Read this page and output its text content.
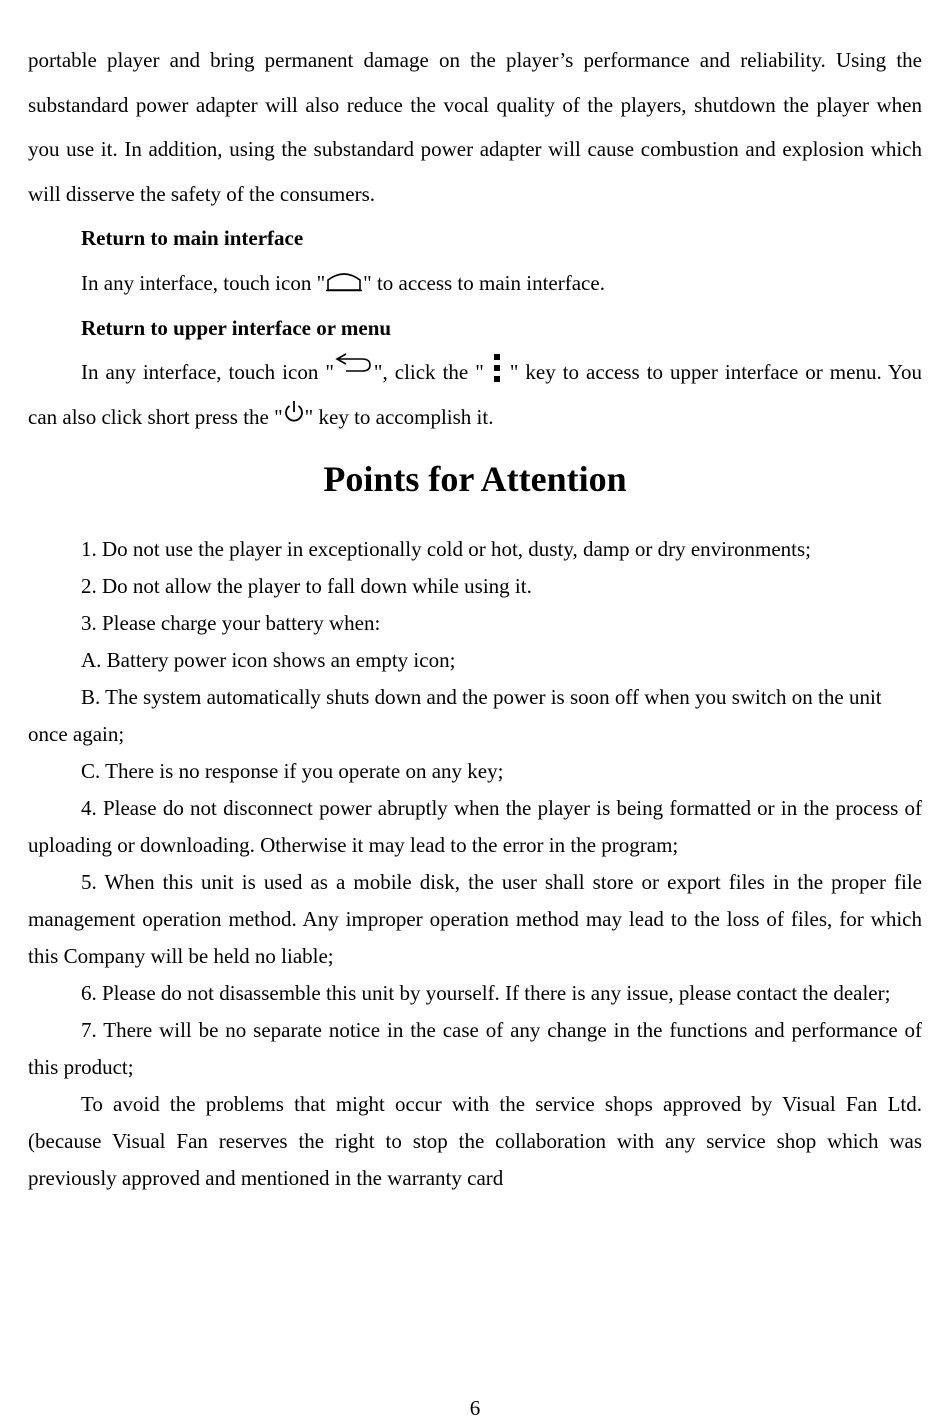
portable player and bring permanent damage on the player’s performance and reliability. Using the substandard power adapter will also reduce the vocal quality of the players, shutdown the player when you use it. In addition, using the substandard power adapter will cause combustion and explosion which will disserve the safety of the consumers.

Return to main interface

In any interface, touch icon " " to access to main interface.

Return to upper interface or menu

In any interface, touch icon " ", click the " " key to access to upper interface or menu. You can also click short press the " " key to accomplish it.

Points for Attention

1. Do not use the player in exceptionally cold or hot, dusty, damp or dry environments;

2. Do not allow the player to fall down while using it.

3. Please charge your battery when:

A. Battery power icon shows an empty icon;

B. The system automatically shuts down and the power is soon off when you switch on the unit once again;

C. There is no response if you operate on any key;

4. Please do not disconnect power abruptly when the player is being formatted or in the process of uploading or downloading. Otherwise it may lead to the error in the program;

5. When this unit is used as a mobile disk, the user shall store or export files in the proper file management operation method. Any improper operation method may lead to the loss of files, for which this Company will be held no liable;

6. Please do not disassemble this unit by yourself. If there is any issue, please contact the dealer;

7. There will be no separate notice in the case of any change in the functions and performance of this product;

To avoid the problems that might occur with the service shops approved by Visual Fan Ltd. (because Visual Fan reserves the right to stop the collaboration with any service shop which was previously approved and mentioned in the warranty card

6
